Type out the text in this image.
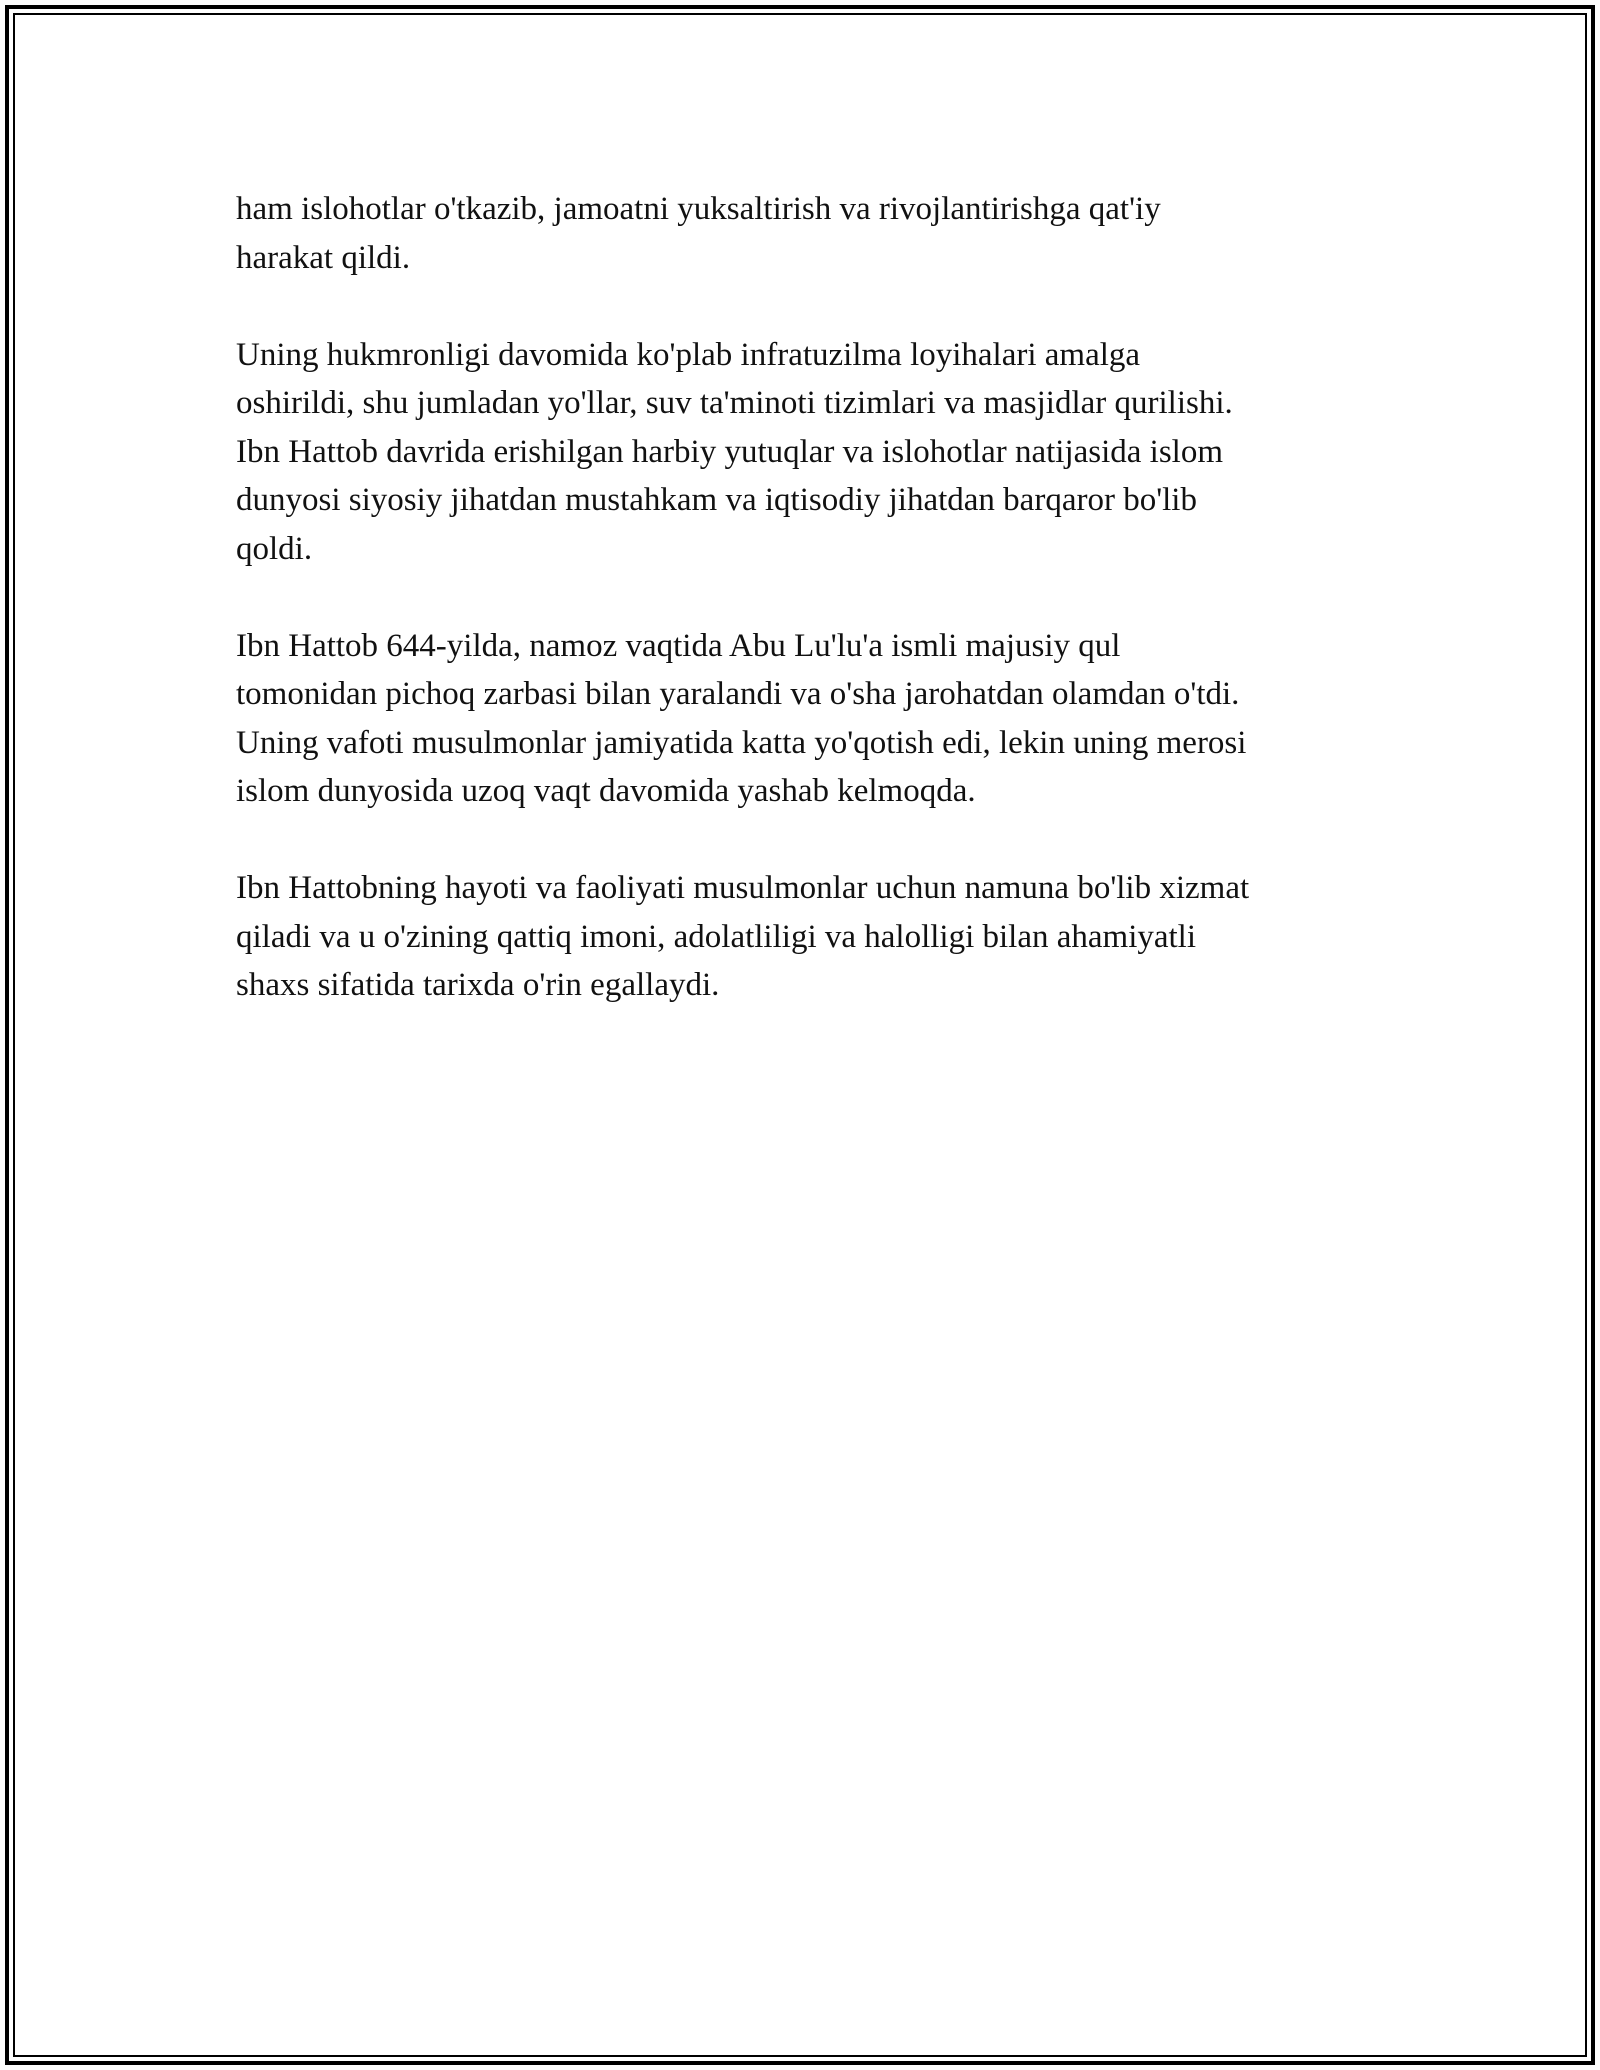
ham islohotlar o'tkazib, jamoatni yuksaltirish va rivojlantirishga qat'iy
harakat qildi.

Uning hukmronligi davomida ko'plab infratuzilma loyihalari amalga
oshirildi, shu jumladan yo'llar, suv ta'minoti tizimlari va masjidlar qurilishi.
Ibn Hattob davrida erishilgan harbiy yutuqlar va islohotlar natijasida islom
dunyosi siyosiy jihatdan mustahkam va iqtisodiy jihatdan barqaror bo'lib
qoldi.

Ibn Hattob 644-yilda, namoz vaqtida Abu Lu'lu'a ismli majusiy qul
tomonidan pichoq zarbasi bilan yaralandi va o'sha jarohatdan olamdan o'tdi.
Uning vafoti musulmonlar jamiyatida katta yo'qotish edi, lekin uning merosi
islom dunyosida uzoq vaqt davomida yashab kelmoqda.

Ibn Hattobning hayoti va faoliyati musulmonlar uchun namuna bo'lib xizmat
qiladi va u o'zining qattiq imoni, adolatliligi va halolligi bilan ahamiyatli
shaxs sifatida tarixda o'rin egallaydi.
